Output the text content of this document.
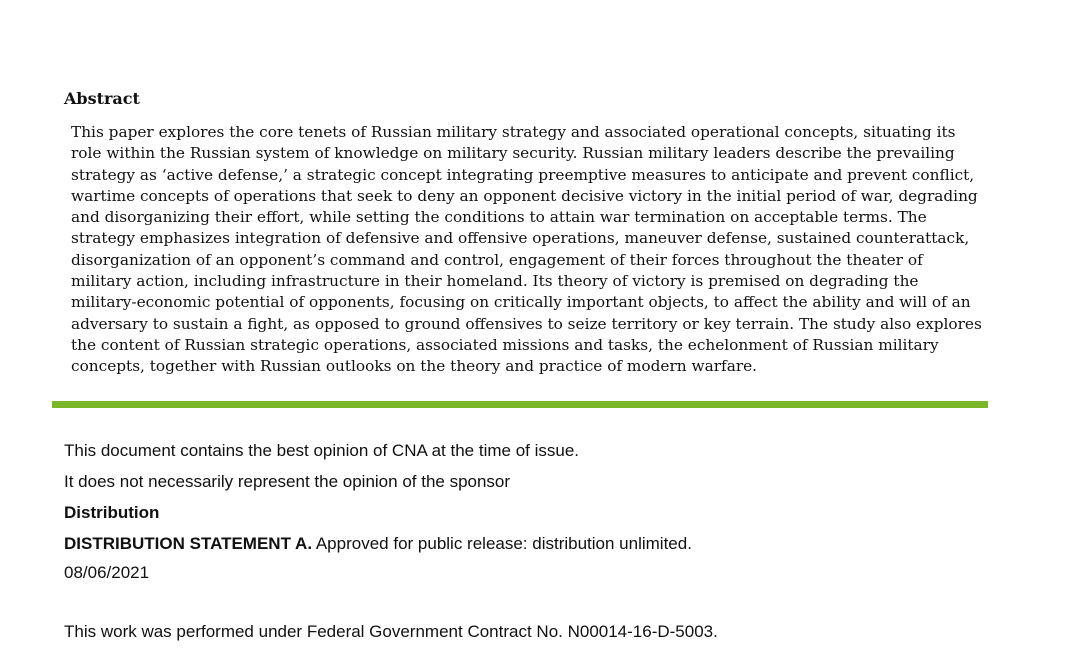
Abstract

This paper explores the core tenets of Russian military strategy and associated operational concepts, situating its
role within the Russian system of knowledge on military security. Russian military leaders describe the prevailing
strategy as ‘active defense,’ a strategic concept integrating preemptive measures to anticipate and prevent conflict,
wartime concepts of operations that seek to deny an opponent decisive victory in the initial period of war, degrading
and disorganizing their effort, while setting the conditions to attain war termination on acceptable terms. The
strategy emphasizes integration of defensive and offensive operations, maneuver defense, sustained counterattack,
disorganization of an opponent’s command and control, engagement of their forces throughout the theater of
military action, including infrastructure in their homeland. Its theory of victory is premised on degrading the
military-economic potential of opponents, focusing on critically important objects, to affect the ability and will of an
adversary to sustain a fight, as opposed to ground offensives to seize territory or key terrain. The study also explores
the content of Russian strategic operations, associated missions and tasks, the echelonment of Russian military
concepts, together with Russian outlooks on the theory and practice of modern warfare.

This document contains the best opinion of CNA at the time of issue.

It does not necessarily represent the opinion of the sponsor

Distribution

DISTRIBUTION STATEMENT A. Approved for public release: distribution unlimited.

08/06/2021

This work was performed under Federal Government Contract No. N00014-16-D-5003.
